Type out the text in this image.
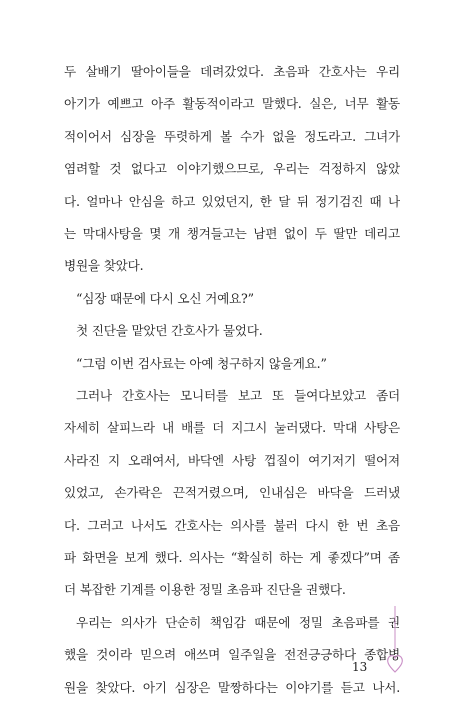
두 살배기 딸아이들을 데려갔었다. 초음파 간호사는 우리
아기가 예쁘고 아주 활동적이라고 말했다. 실은, 너무 활동
적이어서 심장을 뚜렷하게 볼 수가 없을 정도라고. 그녀가
염려할 것 없다고 이야기했으므로, 우리는 걱정하지 않았
다. 얼마나 안심을 하고 있었던지, 한 달 뒤 정기검진 때 나
는 막대사탕을 몇 개 챙겨들고는 남편 없이 두 딸만 데리고
병원을 찾았다.
“심장 때문에 다시 오신 거예요?”
첫 진단을 맡았던 간호사가 물었다.
“그럼 이번 검사료는 아예 청구하지 않을게요.”
그러나 간호사는 모니터를 보고 또 들여다보았고 좀더
자세히 살피느라 내 배를 더 지그시 눌러댔다. 막대 사탕은
사라진 지 오래여서, 바닥엔 사탕 껍질이 여기저기 떨어져
있었고, 손가락은 끈적거렸으며, 인내심은 바닥을 드러냈
다. 그러고 나서도 간호사는 의사를 불러 다시 한 번 초음
파 화면을 보게 했다. 의사는 “확실히 하는 게 좋겠다”며 좀
더 복잡한 기계를 이용한 정밀 초음파 진단을 권했다.
우리는 의사가 단순히 책임감 때문에 정밀 초음파를 권
했을 것이라 믿으려 애쓰며 일주일을 전전긍긍하다 종합병
원을 찾았다. 아기 심장은 말짱하다는 이야기를 듣고 나서.
13
